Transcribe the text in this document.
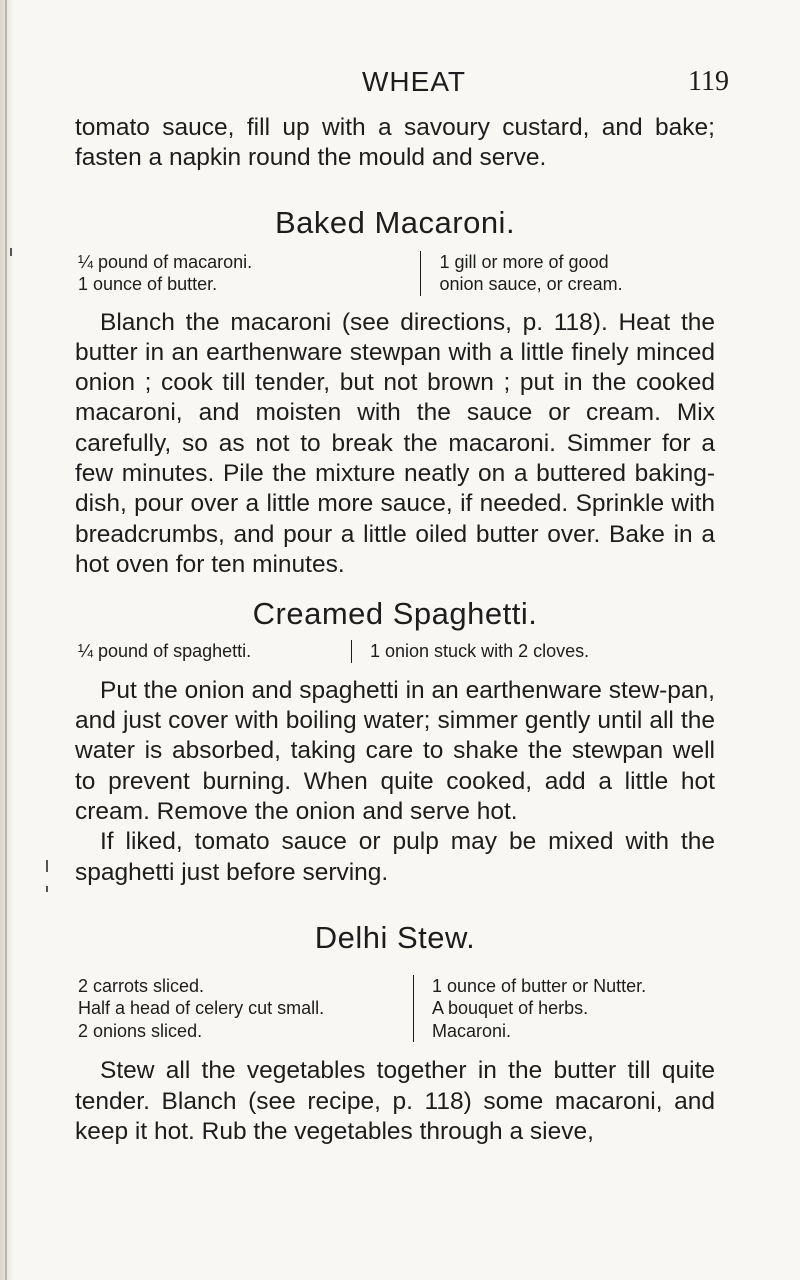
WHEAT	119

tomato sauce, fill up with a savoury custard, and bake; fasten a napkin round the mould and serve.

Baked Macaroni.
¼ pound of macaroni.
1 ounce of butter.
1 gill or more of good
onion sauce, or cream.

Blanch the macaroni (see directions, p. 118). Heat the butter in an earthenware stewpan with a little finely minced onion ; cook till tender, but not brown ; put in the cooked macaroni, and moisten with the sauce or cream. Mix carefully, so as not to break the macaroni. Simmer for a few minutes. Pile the mixture neatly on a buttered baking-dish, pour over a little more sauce, if needed. Sprinkle with breadcrumbs, and pour a little oiled butter over. Bake in a hot oven for ten minutes.

Creamed Spaghetti.
¼ pound of spaghetti.	1 onion stuck with 2 cloves.

Put the onion and spaghetti in an earthenware stew-pan, and just cover with boiling water; simmer gently until all the water is absorbed, taking care to shake the stewpan well to prevent burning. When quite cooked, add a little hot cream. Remove the onion and serve hot.

If liked, tomato sauce or pulp may be mixed with the spaghetti just before serving.

Delhi Stew.
2 carrots sliced.
Half a head of celery cut small.
2 onions sliced.
1 ounce of butter or Nutter.
A bouquet of herbs.
Macaroni.

Stew all the vegetables together in the butter till quite tender. Blanch (see recipe, p. 118) some macaroni, and keep it hot. Rub the vegetables through a sieve,
